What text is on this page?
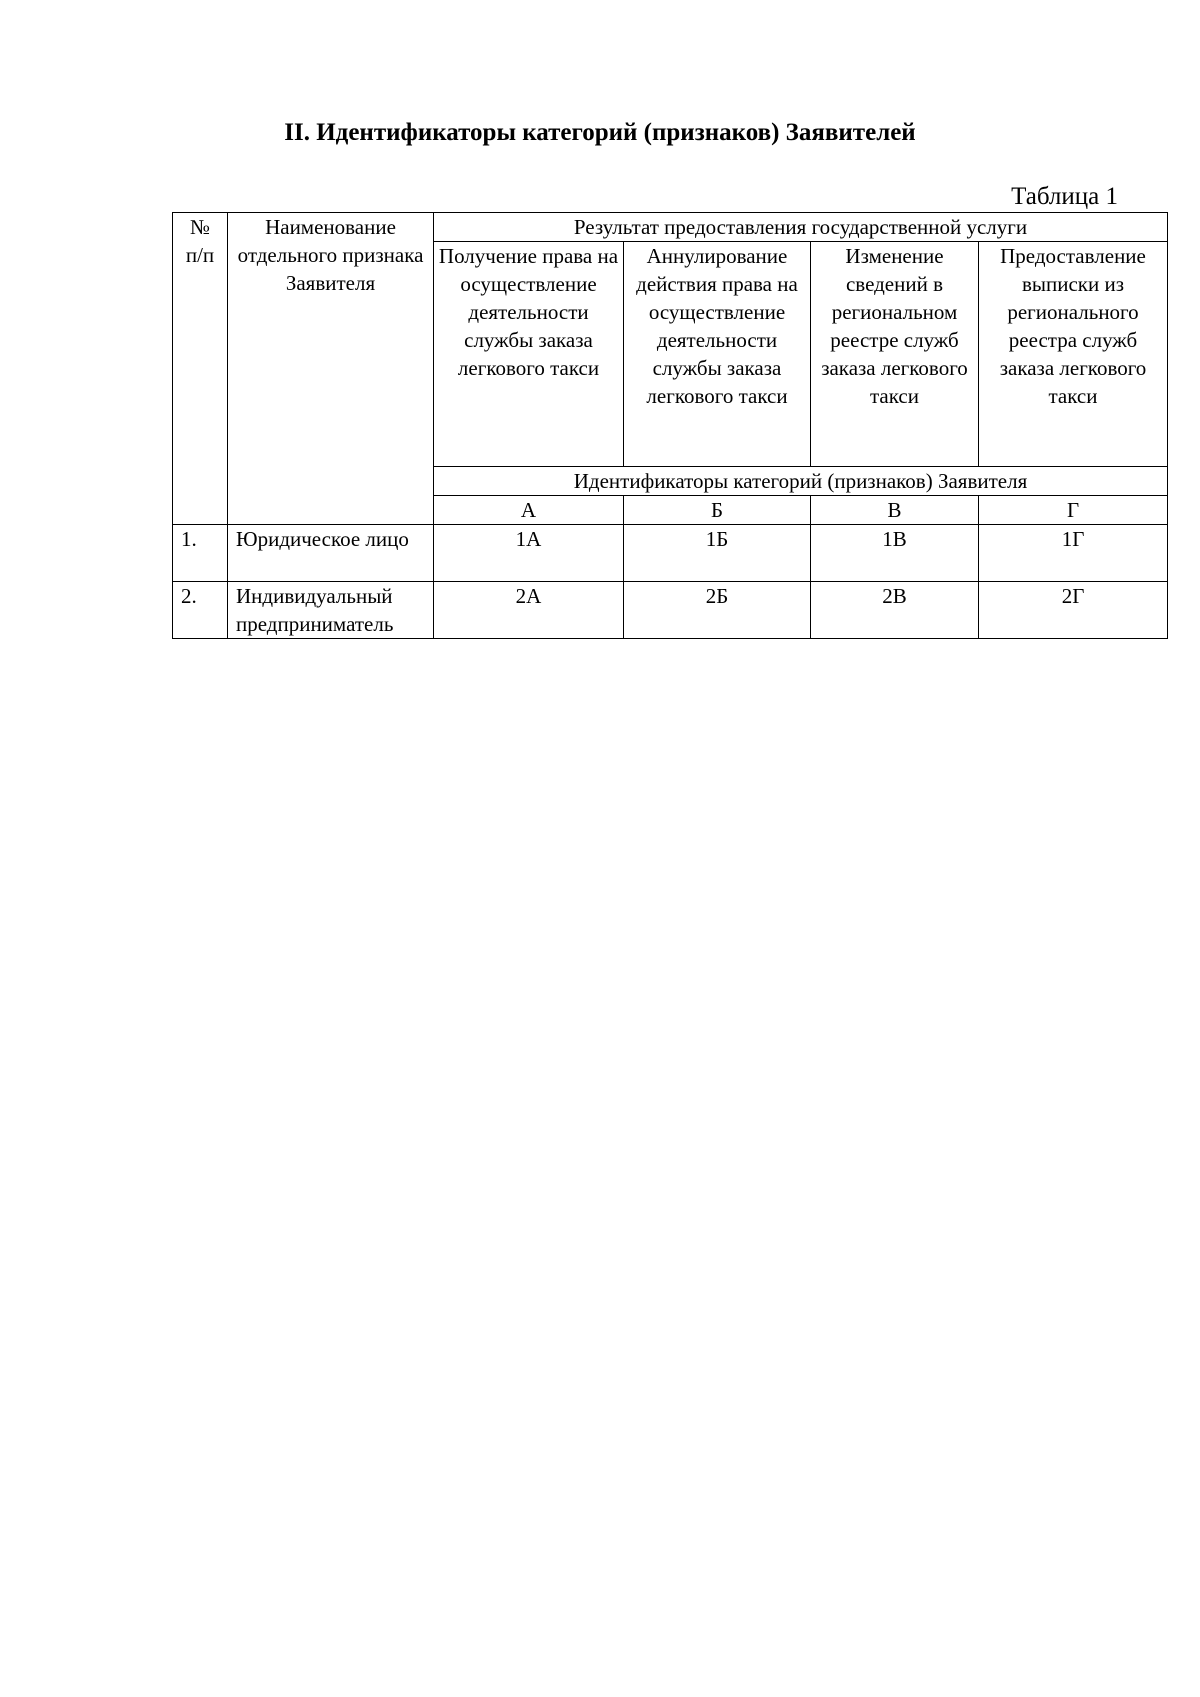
II. Идентификаторы категорий (признаков) Заявителей
Таблица 1
№
п/п	Наименование отдельного признака Заявителя	Результат предоставления государственной услуги			
		Получение права на осуществление деятельности службы заказа легкового такси	Аннулирование действия права на осуществление деятельности службы заказа легкового такси	Изменение сведений в региональном реестре служб заказа легкового такси	Предоставление выписки из регионального реестра служб заказа легкового такси
		Идентификаторы категорий (признаков) Заявителя			
		А	Б	В	Г
1.	Юридическое лицо	1А	1Б	1В	1Г
2.	Индивидуальный предприниматель	2А	2Б	2В	2Г
